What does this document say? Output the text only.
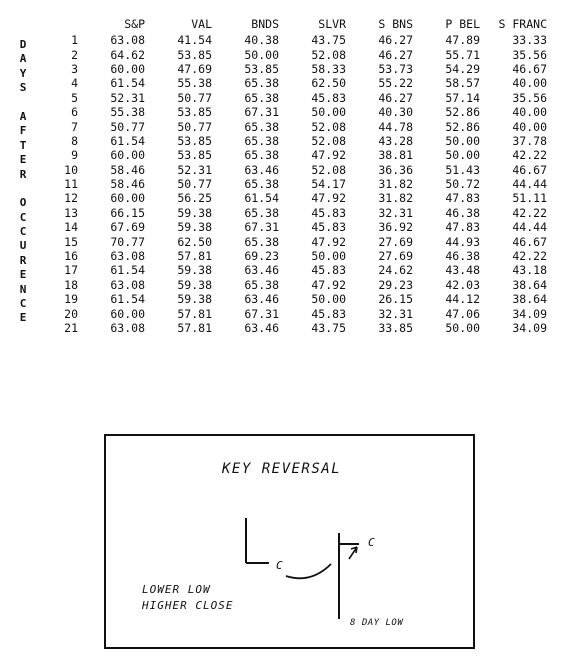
D
A
Y
S
A
F
T
E
R
O
C
C
U
R
E
N
C
E
	S&P	VAL	BNDS	SLVR	S BNS	P BEL	S FRANC
1	63.08	41.54	40.38	43.75	46.27	47.89	33.33
2	64.62	53.85	50.00	52.08	46.27	55.71	35.56
3	60.00	47.69	53.85	58.33	53.73	54.29	46.67
4	61.54	55.38	65.38	62.50	55.22	58.57	40.00
5	52.31	50.77	65.38	45.83	46.27	57.14	35.56
6	55.38	53.85	67.31	50.00	40.30	52.86	40.00
7	50.77	50.77	65.38	52.08	44.78	52.86	40.00
8	61.54	53.85	65.38	52.08	43.28	50.00	37.78
9	60.00	53.85	65.38	47.92	38.81	50.00	42.22
10	58.46	52.31	63.46	52.08	36.36	51.43	46.67
11	58.46	50.77	65.38	54.17	31.82	50.72	44.44
12	60.00	56.25	61.54	47.92	31.82	47.83	51.11
13	66.15	59.38	65.38	45.83	32.31	46.38	42.22
14	67.69	59.38	67.31	45.83	36.92	47.83	44.44
15	70.77	62.50	65.38	47.92	27.69	44.93	46.67
16	63.08	57.81	69.23	50.00	27.69	46.38	42.22
17	61.54	59.38	63.46	45.83	24.62	43.48	43.18
18	63.08	59.38	65.38	47.92	29.23	42.03	38.64
19	61.54	59.38	63.46	50.00	26.15	44.12	38.64
20	60.00	57.81	67.31	45.83	32.31	47.06	34.09
21	63.08	57.81	63.46	43.75	33.85	50.00	34.09
KEY REVERSAL
C
C
LOWER LOW
HIGHER CLOSE
8 DAY LOW
